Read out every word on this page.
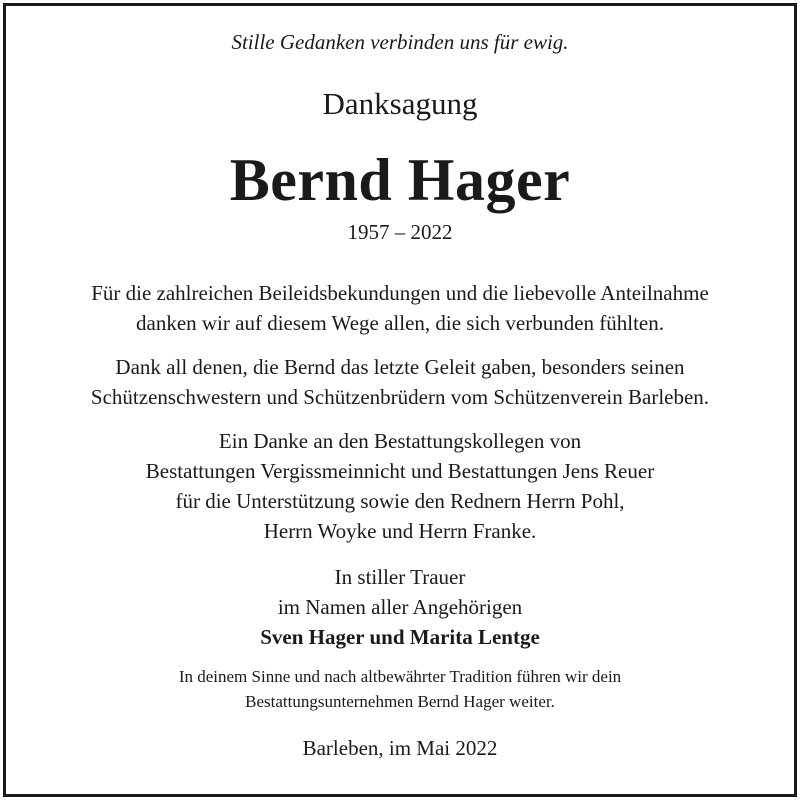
Stille Gedanken verbinden uns für ewig.
Danksagung
Bernd Hager
1957 – 2022
Für die zahlreichen Beileidsbekundungen und die liebevolle Anteilnahme
danken wir auf diesem Wege allen, die sich verbunden fühlten.
Dank all denen, die Bernd das letzte Geleit gaben, besonders seinen
Schützenschwestern und Schützenbrüdern vom Schützenverein Barleben.
Ein Danke an den Bestattungskollegen von
Bestattungen Vergissmeinnicht und Bestattungen Jens Reuer
für die Unterstützung sowie den Rednern Herrn Pohl,
Herrn Woyke und Herrn Franke.
In stiller Trauer
im Namen aller Angehörigen
Sven Hager und Marita Lentge
In deinem Sinne und nach altbewährter Tradition führen wir dein
Bestattungsunternehmen Bernd Hager weiter.
Barleben, im Mai 2022
